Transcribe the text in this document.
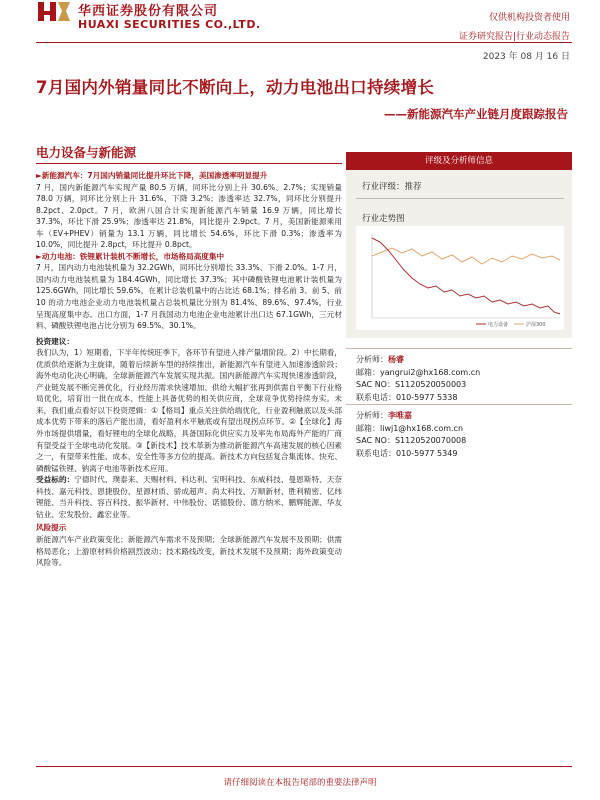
华西证券股份有限公司
HUAXI SECURITIES CO.,LTD.	仅供机构投资者使用
证券研究报告|行业动态报告
2023 年 08 月 16 日
7月国内外销量同比不断向上，动力电池出口持续增长
——新能源汽车产业链月度跟踪报告
电力设备与新能源

►新能源汽车：7月国内销量同比提升环比下降，美国渗透率明显提升

7 月，国内新能源汽车实现产量 80.5 万辆，同环比分别上升 30.6%、2.7%；实现销量 78.0 万辆，同环比分别上升 31.6%、下降 3.2%；渗透率达 32.7%，同环比分别提升 8.2pct、2.0pct。7 月，欧洲八国合计实现新能源汽车销量 16.9 万辆，同比增长 37.3%，环比下滑 25.9%；渗透率达 21.8%，同比提升 2.9pct。7 月，美国新能源乘用车（EV+PHEV）销量为 13.1 万辆，同比增长 54.6%，环比下滑 0.3%；渗透率为 10.0%，同比提升 2.8pct，环比提升 0.8pct。

►动力电池：铁锂累计装机不断增长，市场格局高度集中

7 月，国内动力电池装机量为 32.2GWh，同环比分别增长 33.3%、下滑 2.0%。1-7 月，国内动力电池装机量为 184.4GWh，同比增长 37.3%；其中磷酸铁锂电池累计装机量为 125.6GWh，同比增长 59.6%，在累计总装机量中的占比达 68.1%；排名前 3、前 5、前 10 的动力电池企业动力电池装机量占总装机量比分别为 81.4%、89.6%、97.4%，行业呈现高度集中态。出口方面，1-7 月我国动力电池企业电池累计出口达 67.1GWh，三元材料、磷酸铁锂电池占比分别为 69.5%、30.1%。

投资建议：

我们认为，1）短期看，下半年传统旺季下，各环节有望进入排产量增阶段。2）中长期看，优质供给逐渐为主旋律，随着后续新车型的持续推出，新能源汽车有望进入加速渗透阶段；海外电动化决心明确，全球新能源汽车发展实现共振。国内新能源汽车实现快速渗透阶段，产业链发展不断完善优化，行业经历需求快速增加、供给大幅扩张再到供需自平衡下行业格局优化，培育出一批在成本、性能上具备优势的相关供应商，全球竞争优势持续夯实。未来，我们重点看好以下投资逻辑：①【格局】重点关注供给端优化，行业盈利触底以及头部成本优势下带来的落后产能出清，看好盈利水平触底或有望出现拐点环节。②【全球化】海外市场提供增量，看好锂电的全球化战略，具备国际化供应实力及率先布局海外产能的厂商有望受益于全球电动化发展。③【新技术】技术革新为推动新能源汽车高速发展的核心因素之一，有望带来性能、成本、安全性等多方位的提高。新技术方向包括复合集流体、快充、磷酸锰铁锂、钠离子电池等新技术应用。

受益标的：宁德时代、璞泰来、天赐材料、科达利、宝明科技、东威科技、曼恩斯特、天奈科技、嘉元科技、恩捷股份、星源材质、骄成超声、尚太科技、万顺新材、胜利精密、亿纬锂能、当升科技、容百科技、振华新材、中伟股份、诺德股份、德方纳米、鹏辉能源、华友钴业、宏发股份、鑫宏业等。

风险提示

新能源汽车产业政策变化；新能源汽车需求不及预期；全球新能源汽车发展不及预期；供需格局恶化；上游原材料价格剧烈波动；技术路线改变，新技术发展不及预期；海外政策变动风险等。

评级及分析师信息
行业评级：推荐
行业走势图
电力设备	沪深300
分析师：杨睿
邮箱：yangrui2@hx168.com.cn
SAC NO：S1120520050003
联系电话：010-5977 5338
分析师：李唯嘉
邮箱：liwj1@hx168.com.cn
SAC NO：S1120520070008
联系电话：010-5977 5349
请仔细阅读在本报告尾部的重要法律声明
